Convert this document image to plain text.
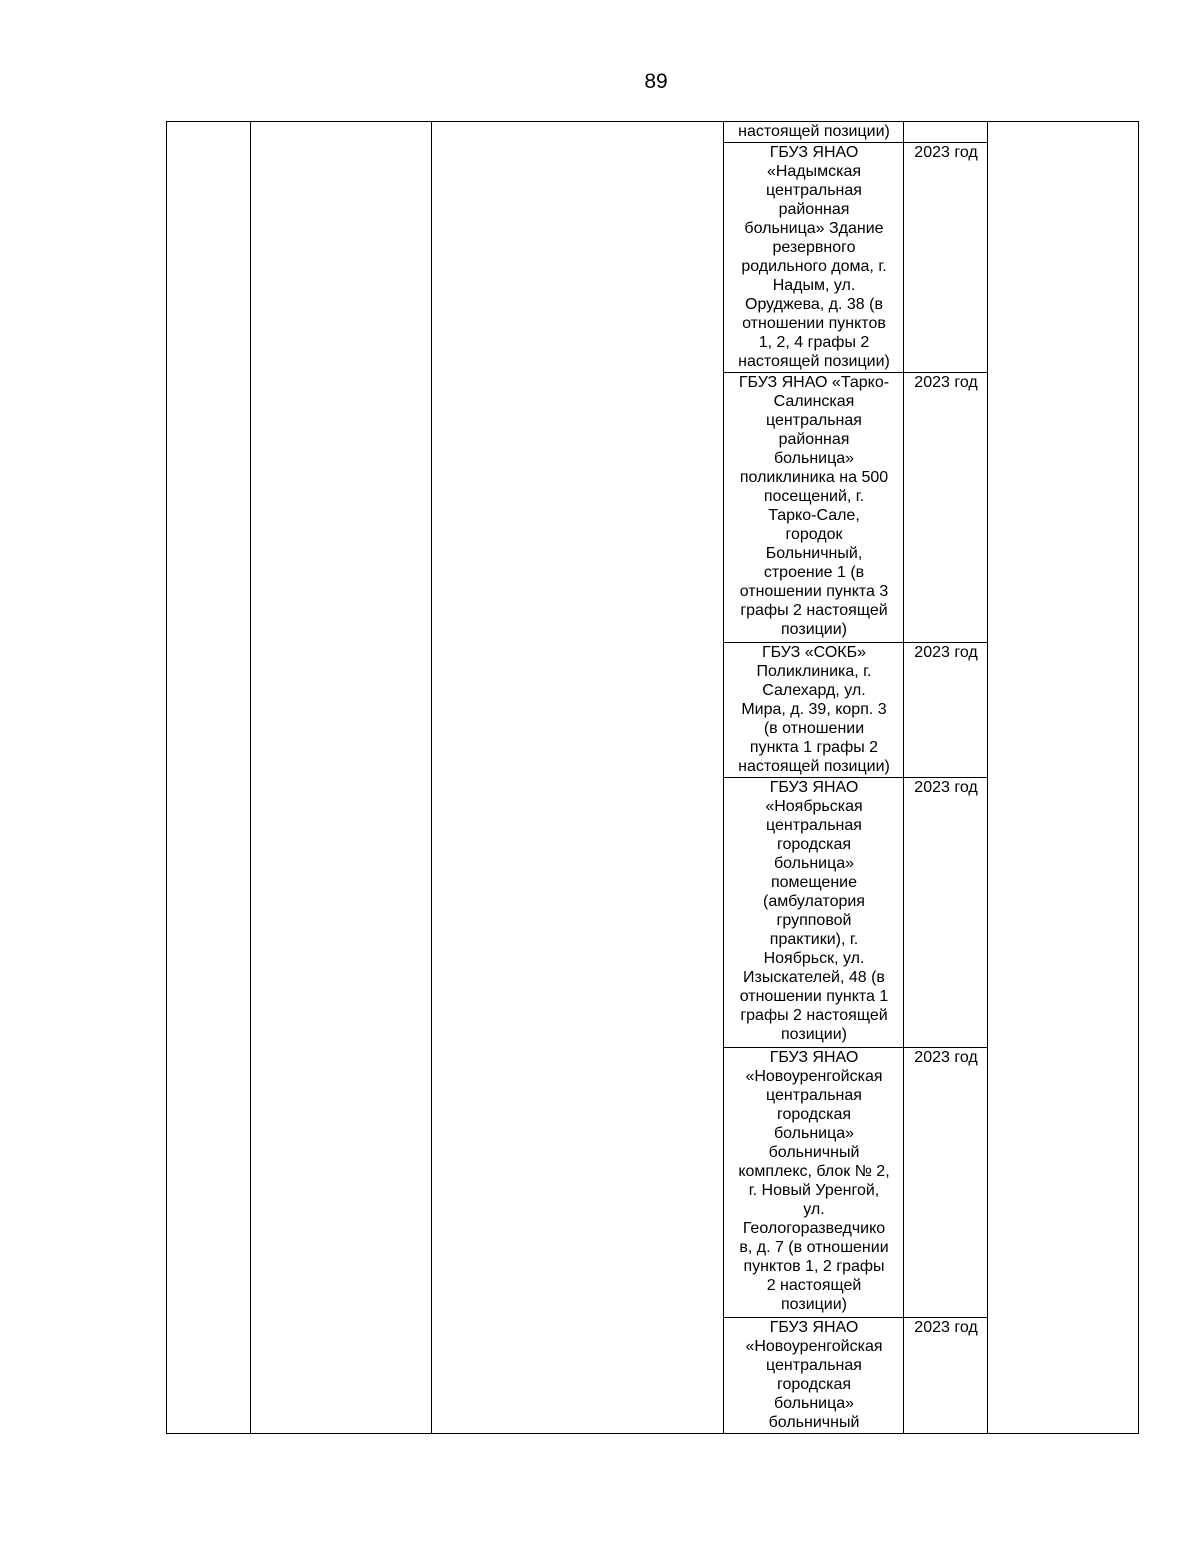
89
настоящей позиции)
ГБУЗ ЯНАО
«Надымская
центральная
районная
больница» Здание
резервного
родильного дома, г.
Надым, ул.
Оруджева, д. 38 (в
отношении пунктов
1, 2, 4 графы 2
настоящей позиции)
2023 год
ГБУЗ ЯНАО «Тарко-
Салинская
центральная
районная
больница»
поликлиника на 500
посещений, г.
Тарко-Сале,
городок
Больничный,
строение 1 (в
отношении пункта 3
графы 2 настоящей
позиции)
2023 год
ГБУЗ «СОКБ»
Поликлиника, г.
Салехард, ул.
Мира, д. 39, корп. 3
(в отношении
пункта 1 графы 2
настоящей позиции)
2023 год
ГБУЗ ЯНАО
«Ноябрьская
центральная
городская
больница»
помещение
(амбулатория
групповой
практики), г.
Ноябрьск, ул.
Изыскателей, 48 (в
отношении пункта 1
графы 2 настоящей
позиции)
2023 год
ГБУЗ ЯНАО
«Новоуренгойская
центральная
городская
больница»
больничный
комплекс, блок № 2,
г. Новый Уренгой,
ул.
Геологоразведчико
в, д. 7 (в отношении
пунктов 1, 2 графы
2 настоящей
позиции)
2023 год
ГБУЗ ЯНАО
«Новоуренгойская
центральная
городская
больница»
больничный
2023 год
